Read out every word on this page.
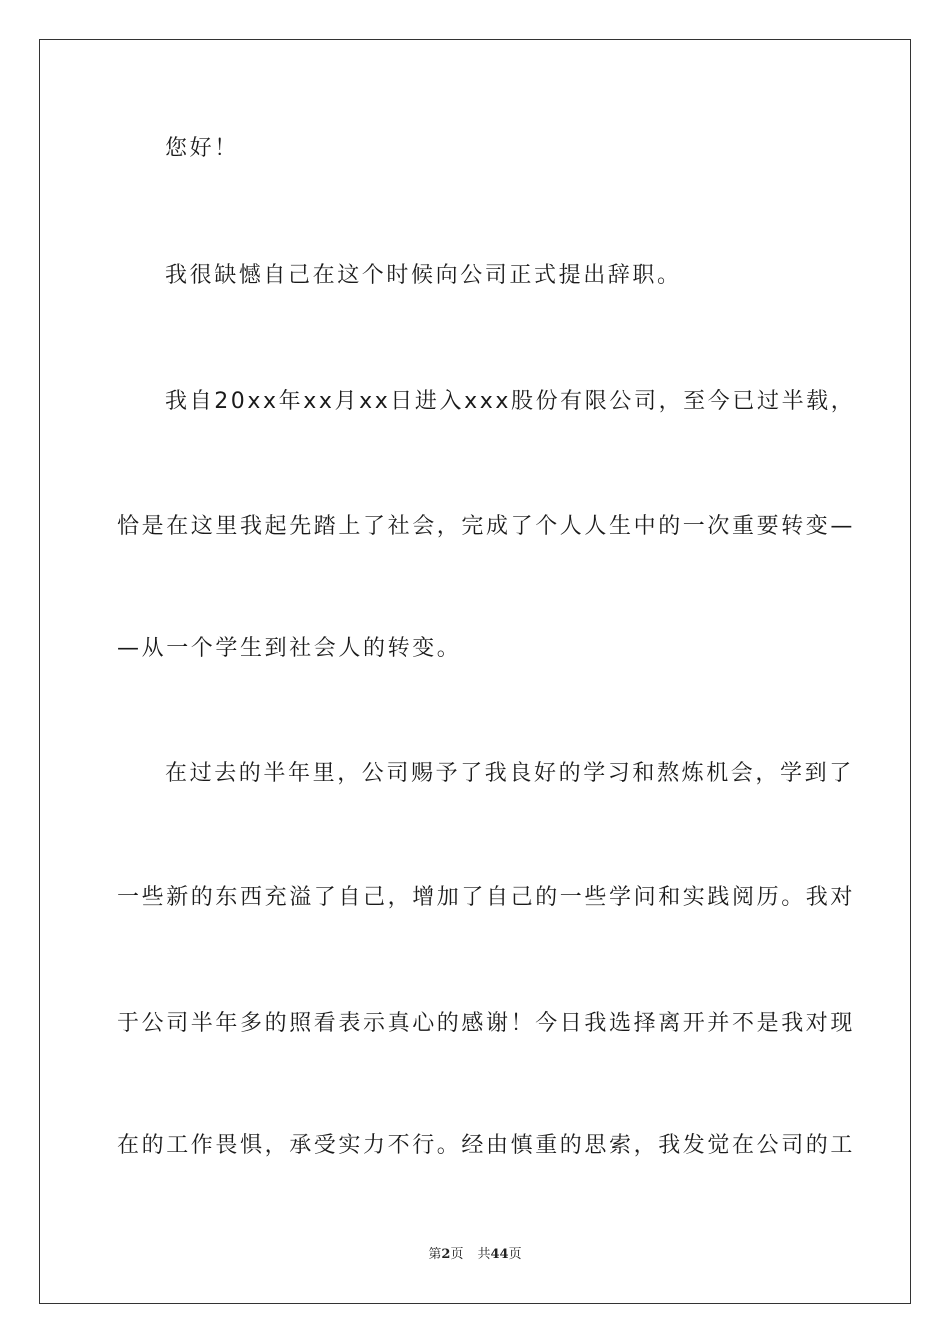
您好！
我很缺憾自己在这个时候向公司正式提出辞职。
我自20xx年xx月xx日进入xxx股份有限公司，至今已过半载，
恰是在这里我起先踏上了社会，完成了个人人生中的一次重要转变—
—从一个学生到社会人的转变。
在过去的半年里，公司赐予了我良好的学习和熬炼机会，学到了
一些新的东西充溢了自己，增加了自己的一些学问和实践阅历。我对
于公司半年多的照看表示真心的感谢！今日我选择离开并不是我对现
在的工作畏惧，承受实力不行。经由慎重的思索，我发觉在公司的工
第2页 共44页
